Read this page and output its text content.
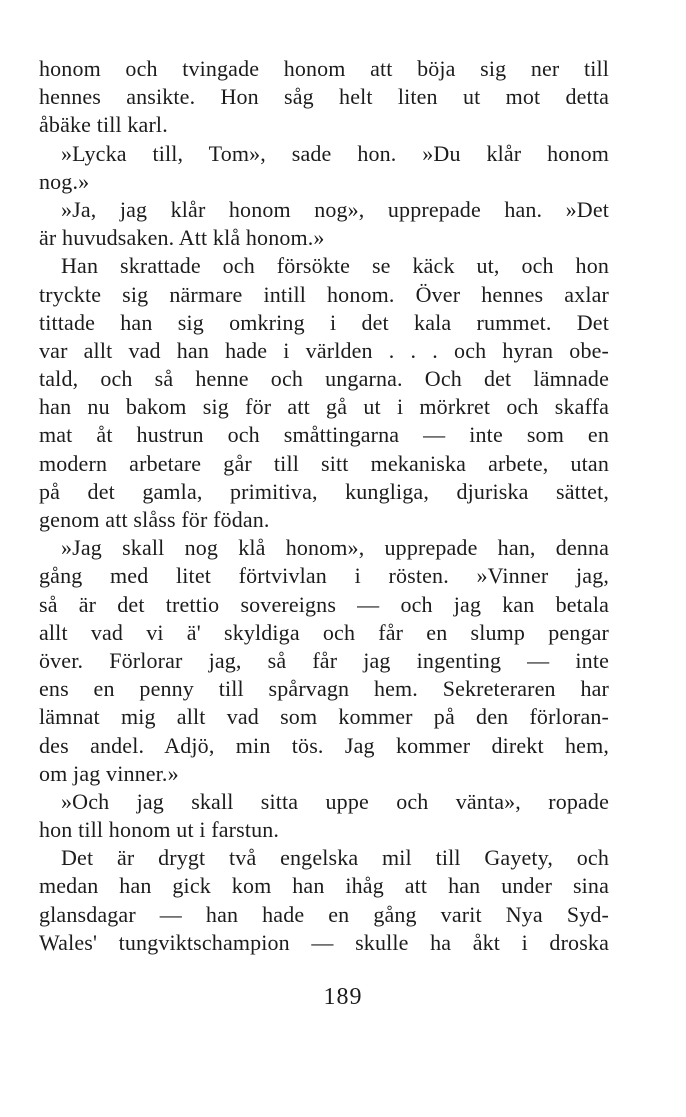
honom och tvingade honom att böja sig ner till
hennes ansikte. Hon såg helt liten ut mot detta
åbäke till karl.
»Lycka till, Tom», sade hon. »Du klår honom
nog.»
»Ja, jag klår honom nog», upprepade han. »Det
är huvudsaken. Att klå honom.»
Han skrattade och försökte se käck ut, och hon
tryckte sig närmare intill honom. Över hennes axlar
tittade han sig omkring i det kala rummet. Det
var allt vad han hade i världen . . . och hyran obe-
tald, och så henne och ungarna. Och det lämnade
han nu bakom sig för att gå ut i mörkret och skaffa
mat åt hustrun och småttingarna — inte som en
modern arbetare går till sitt mekaniska arbete, utan
på det gamla, primitiva, kungliga, djuriska sättet,
genom att slåss för födan.
»Jag skall nog klå honom», upprepade han, denna
gång med litet förtvivlan i rösten. »Vinner jag,
så är det trettio sovereigns — och jag kan betala
allt vad vi ä' skyldiga och får en slump pengar
över. Förlorar jag, så får jag ingenting — inte
ens en penny till spårvagn hem. Sekreteraren har
lämnat mig allt vad som kommer på den förloran-
des andel. Adjö, min tös. Jag kommer direkt hem,
om jag vinner.»
»Och jag skall sitta uppe och vänta», ropade
hon till honom ut i farstun.
Det är drygt två engelska mil till Gayety, och
medan han gick kom han ihåg att han under sina
glansdagar — han hade en gång varit Nya Syd-
Wales' tungviktschampion — skulle ha åkt i droska
189
